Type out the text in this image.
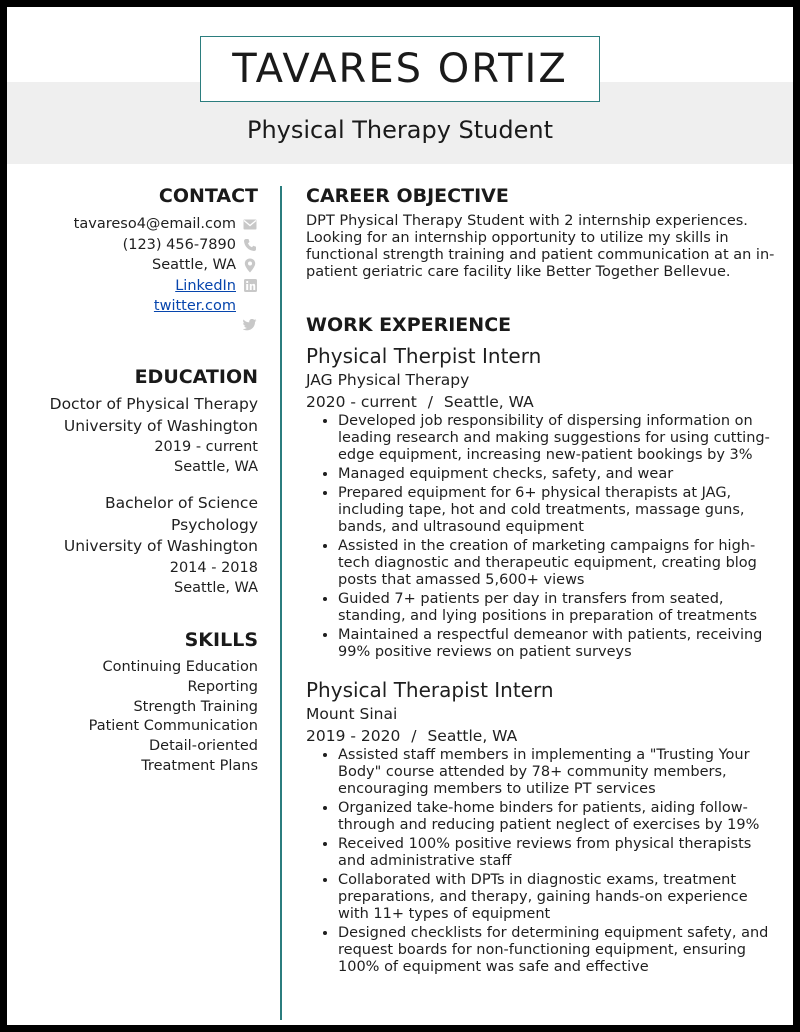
TAVARES ORTIZ
Physical Therapy Student
CONTACT
tavareso4@email.com
(123) 456-7890
Seattle, WA
LinkedIn
twitter.com
EDUCATION
Doctor of Physical Therapy
University of Washington
2019 - current
Seattle, WA
Bachelor of Science
Psychology
University of Washington
2014 - 2018
Seattle, WA
SKILLS
Continuing Education
Reporting
Strength Training
Patient Communication
Detail-oriented
Treatment Plans
CAREER OBJECTIVE
DPT Physical Therapy Student with 2 internship experiences. Looking for an internship opportunity to utilize my skills in functional strength training and patient communication at an in-patient geriatric care facility like Better Together Bellevue.
WORK EXPERIENCE
Physical Therpist Intern
JAG Physical Therapy
2020 - current / Seattle, WA
• Developed job responsibility of dispersing information on leading research and making suggestions for using cutting-edge equipment, increasing new-patient bookings by 3%
• Managed equipment checks, safety, and wear
• Prepared equipment for 6+ physical therapists at JAG, including tape, hot and cold treatments, massage guns, bands, and ultrasound equipment
• Assisted in the creation of marketing campaigns for high-tech diagnostic and therapeutic equipment, creating blog posts that amassed 5,600+ views
• Guided 7+ patients per day in transfers from seated, standing, and lying positions in preparation of treatments
• Maintained a respectful demeanor with patients, receiving 99% positive reviews on patient surveys
Physical Therapist Intern
Mount Sinai
2019 - 2020 / Seattle, WA
• Assisted staff members in implementing a "Trusting Your Body" course attended by 78+ community members, encouraging members to utilize PT services
• Organized take-home binders for patients, aiding follow-through and reducing patient neglect of exercises by 19%
• Received 100% positive reviews from physical therapists and administrative staff
• Collaborated with DPTs in diagnostic exams, treatment preparations, and therapy, gaining hands-on experience with 11+ types of equipment
• Designed checklists for determining equipment safety, and request boards for non-functioning equipment, ensuring 100% of equipment was safe and effective
